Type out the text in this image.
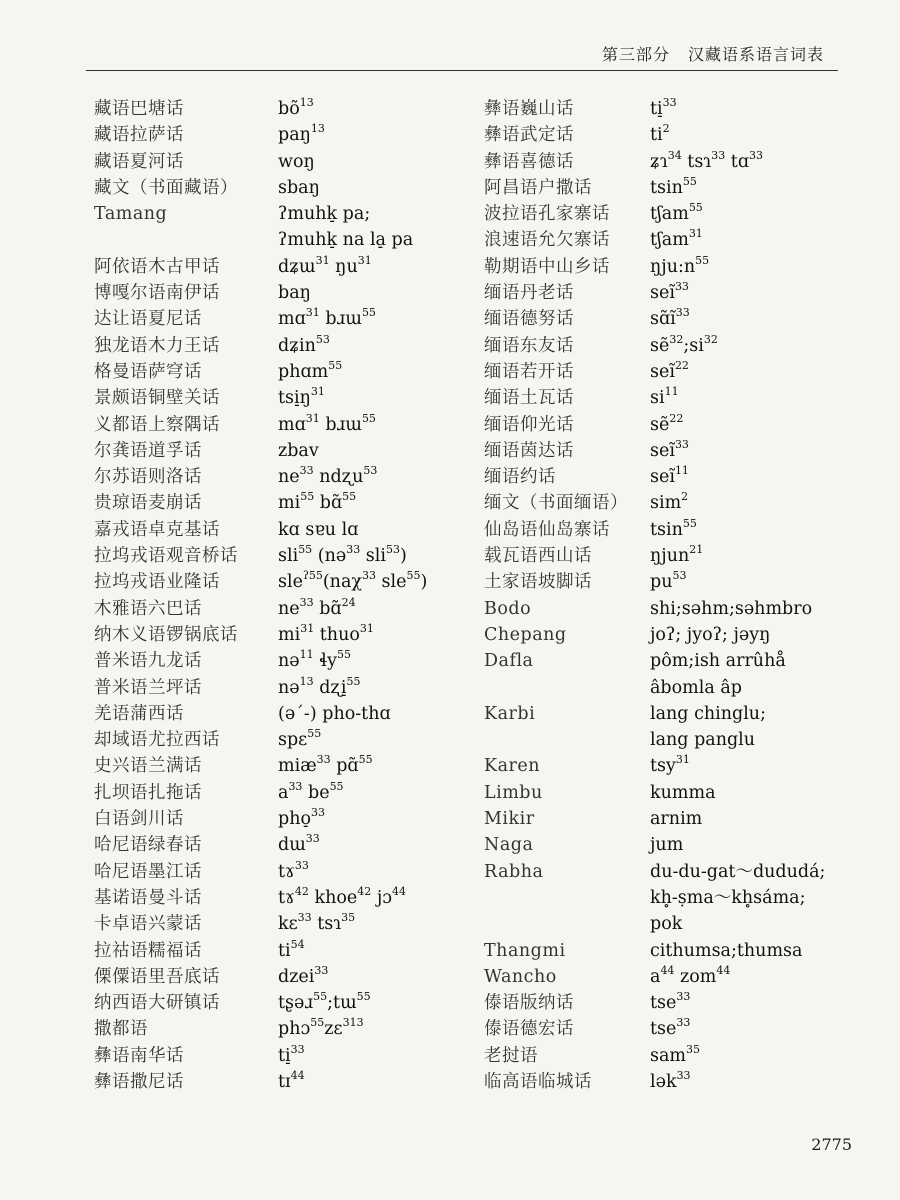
第三部分 汉藏语系语言词表
藏语巴塘话	$bõ^{13}$
藏语拉萨话	paŋ$^{13}$
藏语夏河话	woŋ
藏文（书面藏语） sbaŋ
Tamang	ʔmuhk̠ pa;
ʔmuhk̠ na la̠ pa
阿依语木古甲话	dʑɯ$^{31}$ $ŋu^{31}$
博嘎尔语南伊话	baŋ
达让语夏尼话	mɑ$^{31}$ bɹɯ$^{55}$
独龙语木力王话	dʑin$^{53}$
格曼语萨穹话	phɑm$^{55}$
景颇语铜壁关话	$tsi̠ŋ^{31}$
义都语上察隅话	mɑ$^{31}$ bɹɯ$^{55}$
尔龚语道孚话	zbav
尔苏语则洛话	$ne^{33}$ ndʐu$^{53}$
贵琼语麦崩话	$mi^{55}$ bɑ̃$^{55}$
嘉戎语卓克基话	kɑ sɐu lɑ
拉坞戎语观音桥话 sli$^{55}$ (nə$^{33}$ sli$^{53}$)
拉坞戎语业隆话	sle$^{ʔ55}$(naχ$^{33}$ sle$^{55}$)
木雅语六巴话	$ne^{33}$ bɑ̃$^{24}$
纳木义语锣锅底话 $mi^{31}$ thuo$^{31}$
普米语九龙话	nə$^{11}$ ɬy$^{55}$
普米语兰坪话	nə$^{13}$ dʐi̠$^{55}$
羌语蒲西话	(əˊ-) pho-thɑ
却域语尤拉西话	spɛ$^{55}$
史兴语兰满话	miæ$^{33}$ pɑ̃$^{55}$
扎坝语扎拖话	$a^{33}$ $be^{55}$
白语剑川话	pho̠$^{33}$
哈尼语绿春话	dɯ$^{33}$
哈尼语墨江话	tɤ$^{33}$
基诺语曼斗话	tɤ$^{42}$ khoe$^{42}$ jɔ$^{44}$
卡卓语兴蒙话	kɛ$^{33}$ tsɿ$^{35}$
拉祜语糯福话	$ti^{54}$
傈僳语里吾底话	dzei$^{33}$
纳西语大研镇话	tʂəɹ$^{55}$;tɯ$^{55}$
撒都语	phɔ$^{55}$zɛ$^{313}$
彝语南华话	ti̠$^{33}$
彝语撒尼话	tɪ$^{44}$
彝语巍山话	ti̠$^{33}$
彝语武定话	$ti^2$
彝语喜德话	ʑɿ$^{34}$ tsɿ$^{33}$ tɑ$^{33}$
阿昌语户撒话	tsin$^{55}$
波拉语孔家寨话 tʃam$^{55}$
浪速语允欠寨话 tʃam$^{31}$
勒期语中山乡话 $ŋju:n^{55}$
缅语丹老话	seĩ$^{33}$
缅语德努话	$sɑ̃ĩ^{33}$
缅语东友话	$sẽ^{32};si^{32}$
缅语若开话	seĩ$^{22}$
缅语土瓦话	$si^{11}$
缅语仰光话	sẽ$^{22}$
缅语茵达话	seĩ$^{33}$
缅语约话	seĩ$^{11}$
缅文（书面缅语） sim$^2$
仙岛语仙岛寨话 tsin$^{55}$
载瓦语西山话	ŋjun$^{21}$
土家语坡脚话	$pu^{53}$
Bodo	shi;səhm;səhmbro
Chepang	joʔ; jyoʔ; jəyŋ
Dafla	pôm;ish arrûhå
âbomla âp
Karbi	lang chinglu;
lang panglu
Karen	tsy$^{31}$
Limbu	kumma
Mikir	arnim
Naga	jum
Rabha	du-du-gat～dududá;
kh̥-ṣma～kh̥sáma;
pok
Thangmi	cithumsa;thumsa
Wancho	$a^{44}$ zom$^{44}$
傣语版纳话	tse$^{33}$
傣语德宏话	tse$^{33}$
老挝语	sam$^{35}$
临高语临城话	lək$^{33}$
2775
